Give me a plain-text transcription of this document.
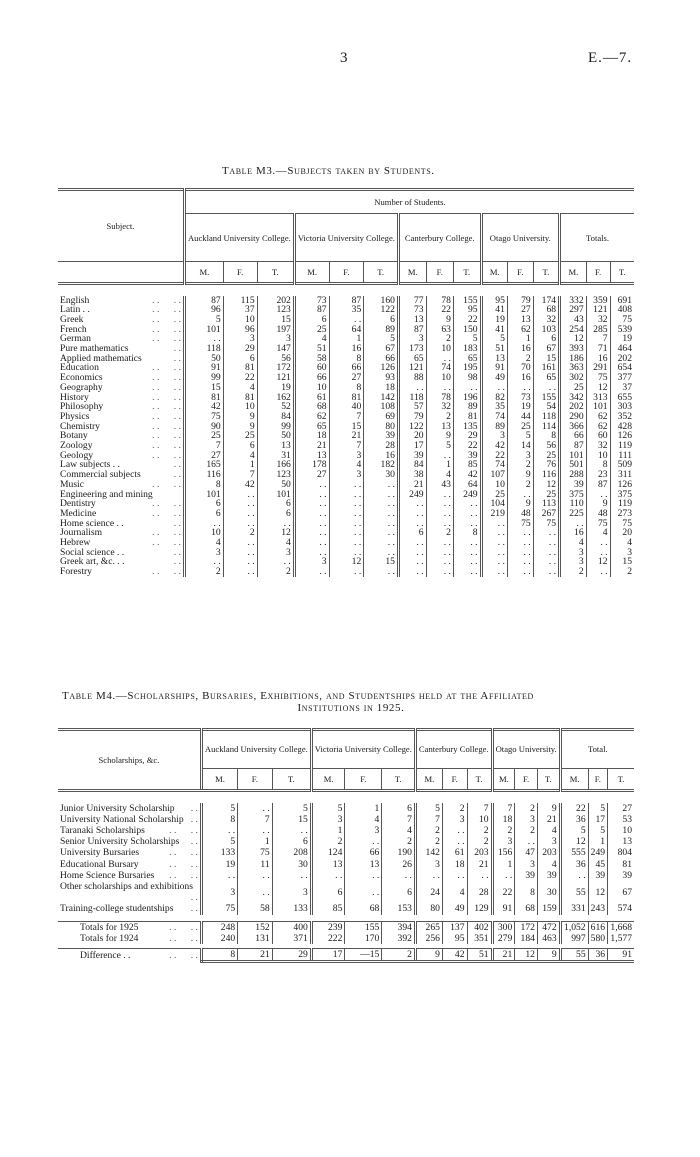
3	E.—7.
Table M3.—Subjects taken by Students.
Subject.	Number of Students.														
	Auckland University College.			Victoria University College.			Canterbury College.			Otago University.			Totals.		
	M.	F.	T.	M.	F.	T.	M.	F.	T.	M.	F.	T.	M.	F.	T.

English . .      . .	87	115	202	73	87	160	77	78	155	95	79	174	332	359	691
Latin . . . .      . .	96	37	123	87	35	122	73	22	95	41	27	68	297	121	408
Greek . .      . .	5	10	15	6	. .	6	13	9	22	19	13	32	43	32	75
French . .      . .	101	96	197	25	64	89	87	63	150	41	62	103	254	285	539
German . .      . .	. .	3	3	4	1	5	3	2	5	5	1	6	12	7	19
Pure mathematics . .	118	29	147	51	16	67	173	10	183	51	16	67	393	71	464
Applied mathematics . .	50	6	56	58	8	66	65	. .	65	13	2	15	186	16	202
Education . .      . .	91	81	172	60	66	126	121	74	195	91	70	161	363	291	654
Economics . .      . .	99	22	121	66	27	93	88	10	98	49	16	65	302	75	377
Geography . .      . .	15	4	19	10	8	18	. .	. .	. .	. .	. .	. .	25	12	37
History . .      . .	81	81	162	61	81	142	118	78	196	82	73	155	342	313	655
Philosophy . .      . .	42	10	52	68	40	108	57	32	89	35	19	54	202	101	303
Physics . .      . .	75	9	84	62	7	69	79	2	81	74	44	118	290	62	352
Chemistry . .      . .	90	9	99	65	15	80	122	13	135	89	25	114	366	62	428
Botany . .      . .	25	25	50	18	21	39	20	9	29	3	5	8	66	60	126
Zoology . .      . .	7	6	13	21	7	28	17	5	22	42	14	56	87	32	119
Geology . .      . .	27	4	31	13	3	16	39	. .	39	22	3	25	101	10	111
Law subjects . . . .	165	1	166	178	4	182	84	1	85	74	2	76	501	8	509
Commercial subjects . .	116	7	123	27	3	30	38	4	42	107	9	116	288	23	311
Music . .      . .	8	42	50	. .	. .	. .	21	43	64	10	2	12	39	87	126
Engineering and mining	101	. .	101	. .	. .	. .	249	. .	249	25	. .	25	375	. .	375
Dentistry . .      . .	6	. .	6	. .	. .	. .	. .	. .	. .	104	9	113	110	9	119
Medicine . .      . .	6	. .	6	. .	. .	. .	. .	. .	. .	219	48	267	225	48	273
Home science . . . .	. .	. .	. .	. .	. .	. .	. .	. .	. .	. .	75	75	. .	75	75
Journalism . .      . .	10	2	12	. .	. .	. .	6	2	8	. .	. .	. .	16	4	20
Hebrew . .      . .	4	. .	4	. .	. .	. .	. .	. .	. .	. .	. .	. .	4	. .	4
Social science . . . .	3	. .	3	. .	. .	. .	. .	. .	. .	. .	. .	. .	3	. .	3
Greek art, &c. . . . .	. .	. .	. .	3	12	15	. .	. .	. .	. .	. .	. .	3	12	15
Forestry . .      . .	2	. .	2	. .	. .	. .	. .	. .	. .	. .	. .	. .	2	. .	2
Table M4.—Scholarships, Bursaries, Exhibitions, and Studentships held at the Affiliated
Institutions in 1925.
Scholarships, &c.	Auckland University College.			Victoria University College.			Canterbury College.			Otago University.			Total.		
	M.	F.	T.	M.	F.	T.	M.	F.	T.	M.	F.	T.	M.	F.	T.

Junior University Scholarship . .	5	. .	5	5	1	6	5	2	7	7	2	9	22	5	27
University National Scholarship . .	8	7	15	3	4	7	7	3	10	18	3	21	36	17	53
Taranaki Scholarships . .      . .	. .	. .	. .	1	3	4	2	. .	2	2	2	4	5	5	10
Senior University Scholarships . .	5	1	6	2	. .	2	2	. .	2	3	. .	3	12	1	13
University Bursaries . .      . .	133	75	208	124	66	190	142	61	203	156	47	203	555	249	804
Educational Bursary . .      . .	19	11	30	13	13	26	3	18	21	1	3	4	36	45	81
Home Science Bursaries . .      . .	. .	. .	. .	. .	. .	. .	. .	. .	. .	. .	39	39	. .	39	39
Other scholarships and exhibitions
. .	3	. .	3	6	. .	6	24	4	28	22	8	30	55	12	67
Training-college studentships . .	75	58	133	85	68	153	80	49	129	91	68	159	331	243	574

Totals for 1925 . .      . .	248	152	400	239	155	394	265	137	402	300	172	472	1,052	616	1,668
Totals for 1924 . .      . .	240	131	371	222	170	392	256	95	351	279	184	463	997	580	1,577

Difference . . . .      . .	8	21	29	17	—15	2	9	42	51	21	12	9	55	36	91
